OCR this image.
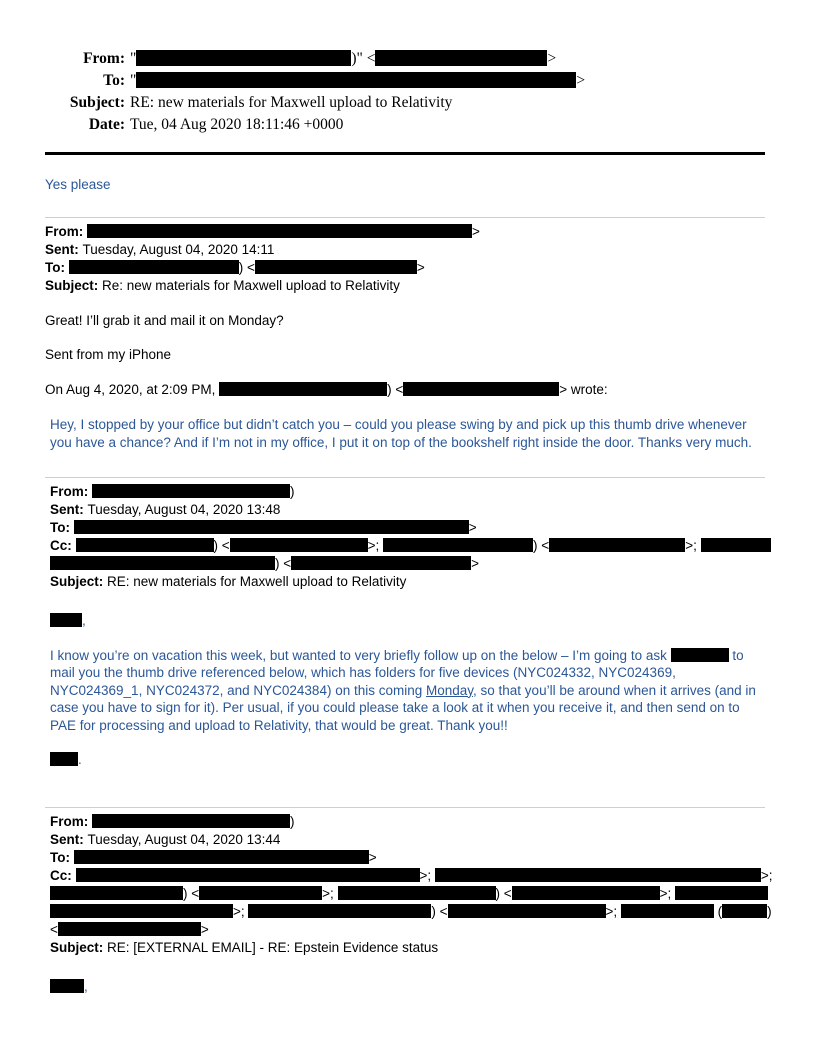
From: "	)" <	>
To: "	>
Subject: RE: new materials for Maxwell upload to Relativity
Date: Tue, 04 Aug 2020 18:11:46 +0000

Yes please

From:	>
Sent: Tuesday, August 04, 2020 14:11
To:	) <	>
Subject: Re: new materials for Maxwell upload to Relativity

Great! I’ll grab it and mail it on Monday?

Sent from my iPhone

On Aug 4, 2020, at 2:09 PM,	) <	> wrote:

Hey, I stopped by your office but didn’t catch you – could you please swing by and pick up this thumb drive whenever you have a chance? And if I’m not in my office, I put it on top of the bookshelf right inside the door. Thanks very much.

From:	)
Sent: Tuesday, August 04, 2020 13:48
To:	>
Cc:	) <	>;	) <	>;
) <	>
Subject: RE: new materials for Maxwell upload to Relativity

,

I know you’re on vacation this week, but wanted to very briefly follow up on the below – I’m going to ask	to mail you the thumb drive referenced below, which has folders for five devices (NYC024332, NYC024369, NYC024369_1, NYC024372, and NYC024384) on this coming Monday, so that you’ll be around when it arrives (and in case you have to sign for it). Per usual, if you could please take a look at it when you receive it, and then send on to PAE for processing and upload to Relativity, that would be great. Thank you!!

.

From:	)
Sent: Tuesday, August 04, 2020 13:44
To:	>
Cc:	>;	>;
) <	>;	) <	>;
>;	) <	>;	(	)
<	>
Subject: RE: [EXTERNAL EMAIL] - RE: Epstein Evidence status

,
